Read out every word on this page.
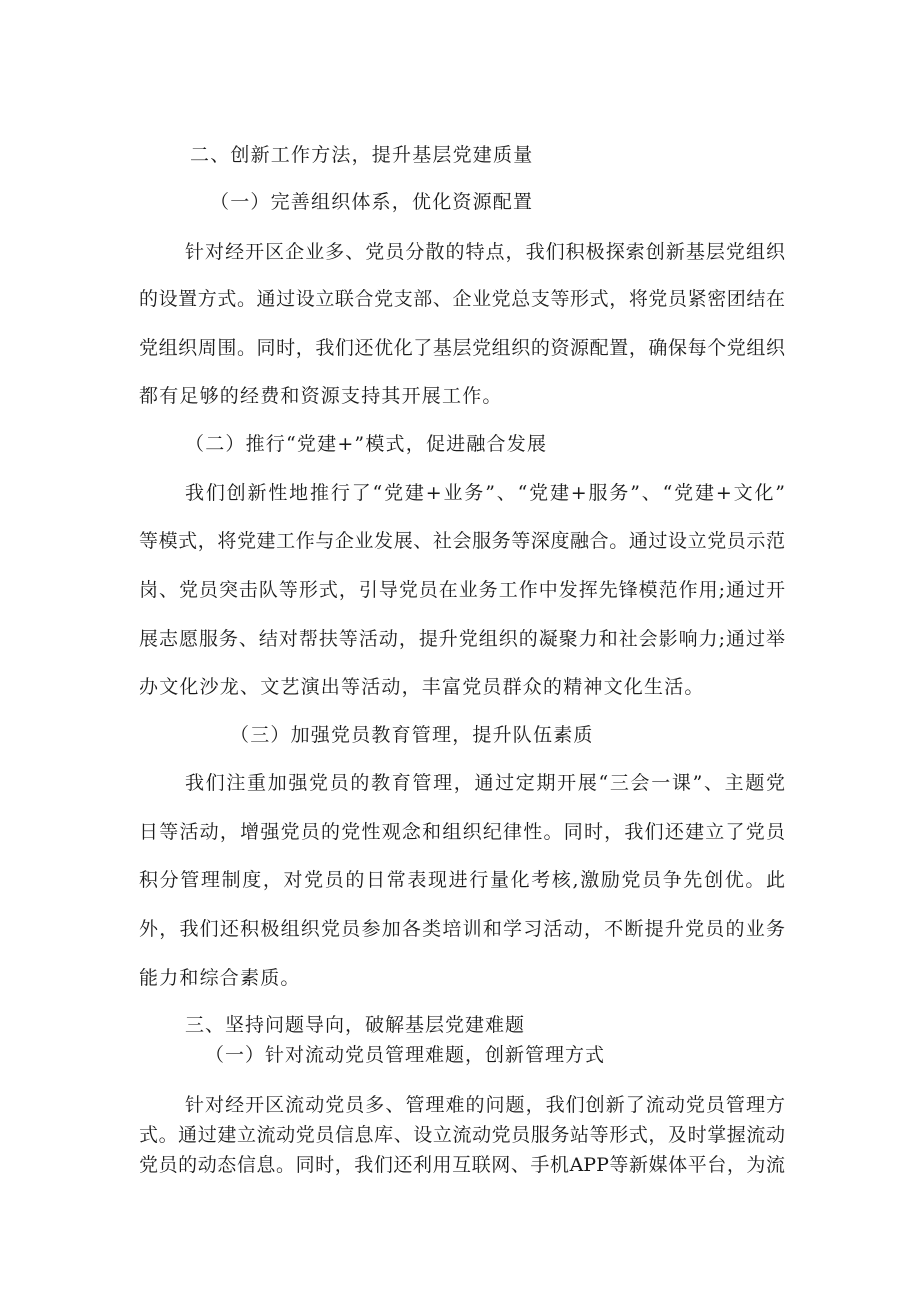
二、创新工作方法，提升基层党建质量
（一）完善组织体系，优化资源配置
针对经开区企业多、党员分散的特点，我们积极探索创新基层党组织
的设置方式。通过设立联合党支部、企业党总支等形式，将党员紧密团结在
党组织周围。同时，我们还优化了基层党组织的资源配置，确保每个党组织
都有足够的经费和资源支持其开展工作。
（二）推行“党建+”模式，促进融合发展
我们创新性地推行了“党建+业务”、“党建+服务”、“党建+文化”
等模式，将党建工作与企业发展、社会服务等深度融合。通过设立党员示范
岗、党员突击队等形式，引导党员在业务工作中发挥先锋模范作用;通过开
展志愿服务、结对帮扶等活动，提升党组织的凝聚力和社会影响力;通过举
办文化沙龙、文艺演出等活动，丰富党员群众的精神文化生活。
（三）加强党员教育管理，提升队伍素质
我们注重加强党员的教育管理，通过定期开展“三会一课”、主题党
日等活动，增强党员的党性观念和组织纪律性。同时，我们还建立了党员
积分管理制度，对党员的日常表现进行量化考核,激励党员争先创优。此
外，我们还积极组织党员参加各类培训和学习活动，不断提升党员的业务
能力和综合素质。
三、坚持问题导向，破解基层党建难题
（一）针对流动党员管理难题，创新管理方式
针对经开区流动党员多、管理难的问题，我们创新了流动党员管理方
式。通过建立流动党员信息库、设立流动党员服务站等形式，及时掌握流动
党员的动态信息。同时，我们还利用互联网、手机APP等新媒体平台，为流
